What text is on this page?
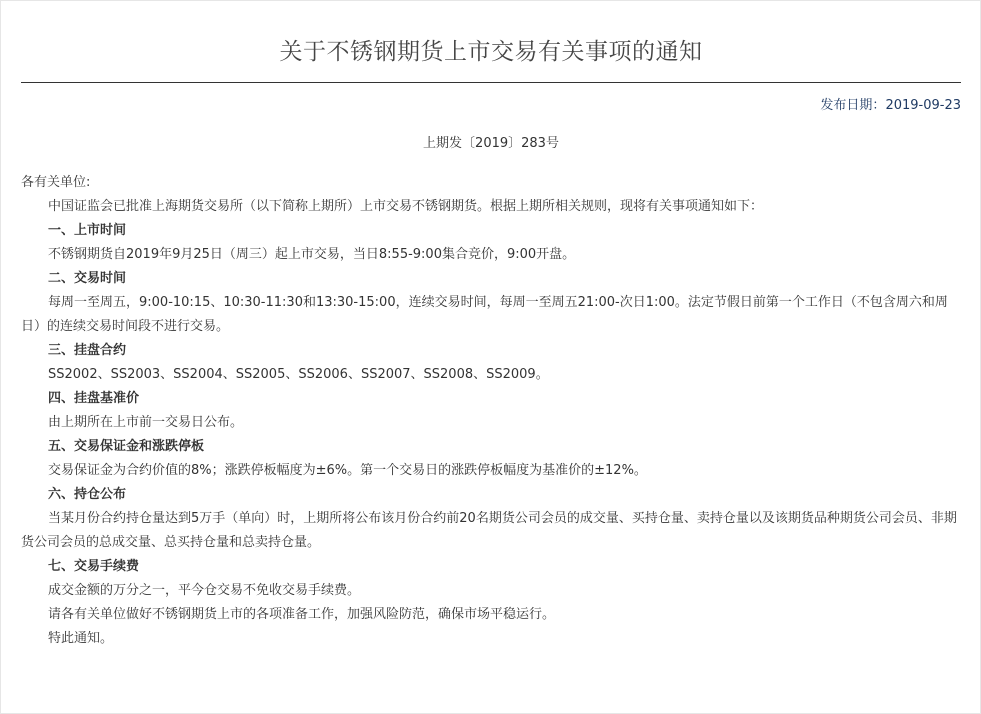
关于不锈钢期货上市交易有关事项的通知
发布日期：2019-09-23
上期发〔2019〕283号

各有关单位:

中国证监会已批准上海期货交易所（以下简称上期所）上市交易不锈钢期货。根据上期所相关规则，现将有关事项通知如下：

一、上市时间

不锈钢期货自2019年9月25日（周三）起上市交易，当日8:55-9:00集合竞价，9:00开盘。

二、交易时间

每周一至周五，9:00-10:15、10:30-11:30和13:30-15:00，连续交易时间，每周一至周五21:00-次日1:00。法定节假日前第一个工作日（不包含周六和周日）的连续交易时间段不进行交易。

三、挂盘合约

SS2002、SS2003、SS2004、SS2005、SS2006、SS2007、SS2008、SS2009。

四、挂盘基准价

由上期所在上市前一交易日公布。

五、交易保证金和涨跌停板

交易保证金为合约价值的8%；涨跌停板幅度为±6%。第一个交易日的涨跌停板幅度为基准价的±12%。

六、持仓公布

当某月份合约持仓量达到5万手（单向）时，上期所将公布该月份合约前20名期货公司会员的成交量、买持仓量、卖持仓量以及该期货品种期货公司会员、非期货公司会员的总成交量、总买持仓量和总卖持仓量。

七、交易手续费

成交金额的万分之一，平今仓交易不免收交易手续费。

请各有关单位做好不锈钢期货上市的各项准备工作，加强风险防范，确保市场平稳运行。

特此通知。
